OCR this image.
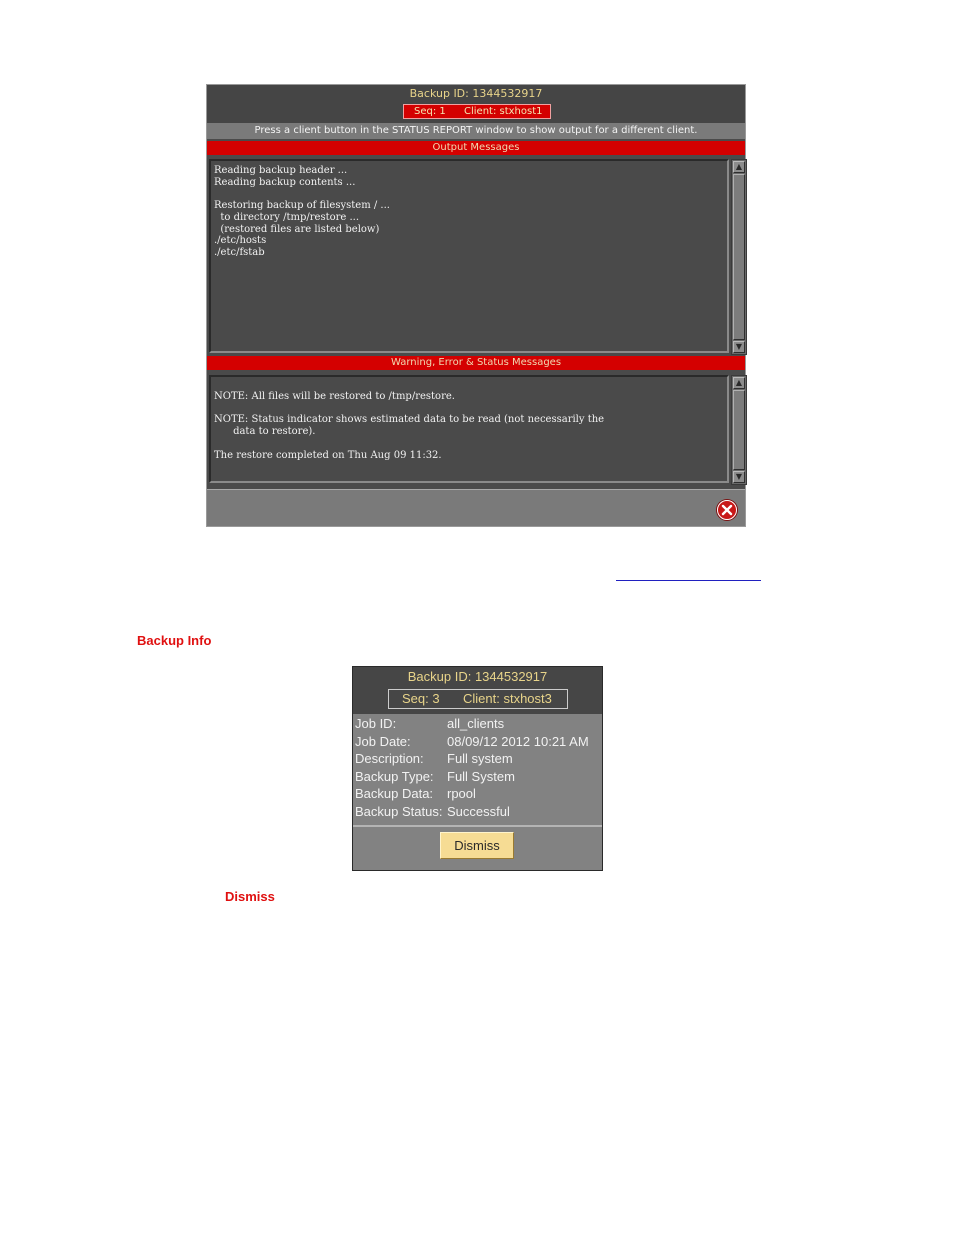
Backup ID: 1344532917
Seq: 1 Client: stxhost1
Press a client button in the STATUS REPORT window to show output for a different client.
Output Messages
Reading backup header ...
Reading backup contents ...

Restoring backup of filesystem / ...
to directory /tmp/restore ...
(restored files are listed below)
./etc/hosts
./etc/fstab
▲
▼
Warning, Error & Status Messages
NOTE: All files will be restored to /tmp/restore.

NOTE: Status indicator shows estimated data to be read (not necessarily the
data to restore).

The restore completed on Thu Aug 09 11:32.
▲
▼
Backup Info
Backup ID: 1344532917
Seq: 3 Client: stxhost3
Job ID:	all_clients
Job Date:	08/09/12 2012 10:21 AM
Description: Full system
Backup Type: Full System
Backup Data: rpool
Backup Status: Successful
Dismiss
Dismiss
